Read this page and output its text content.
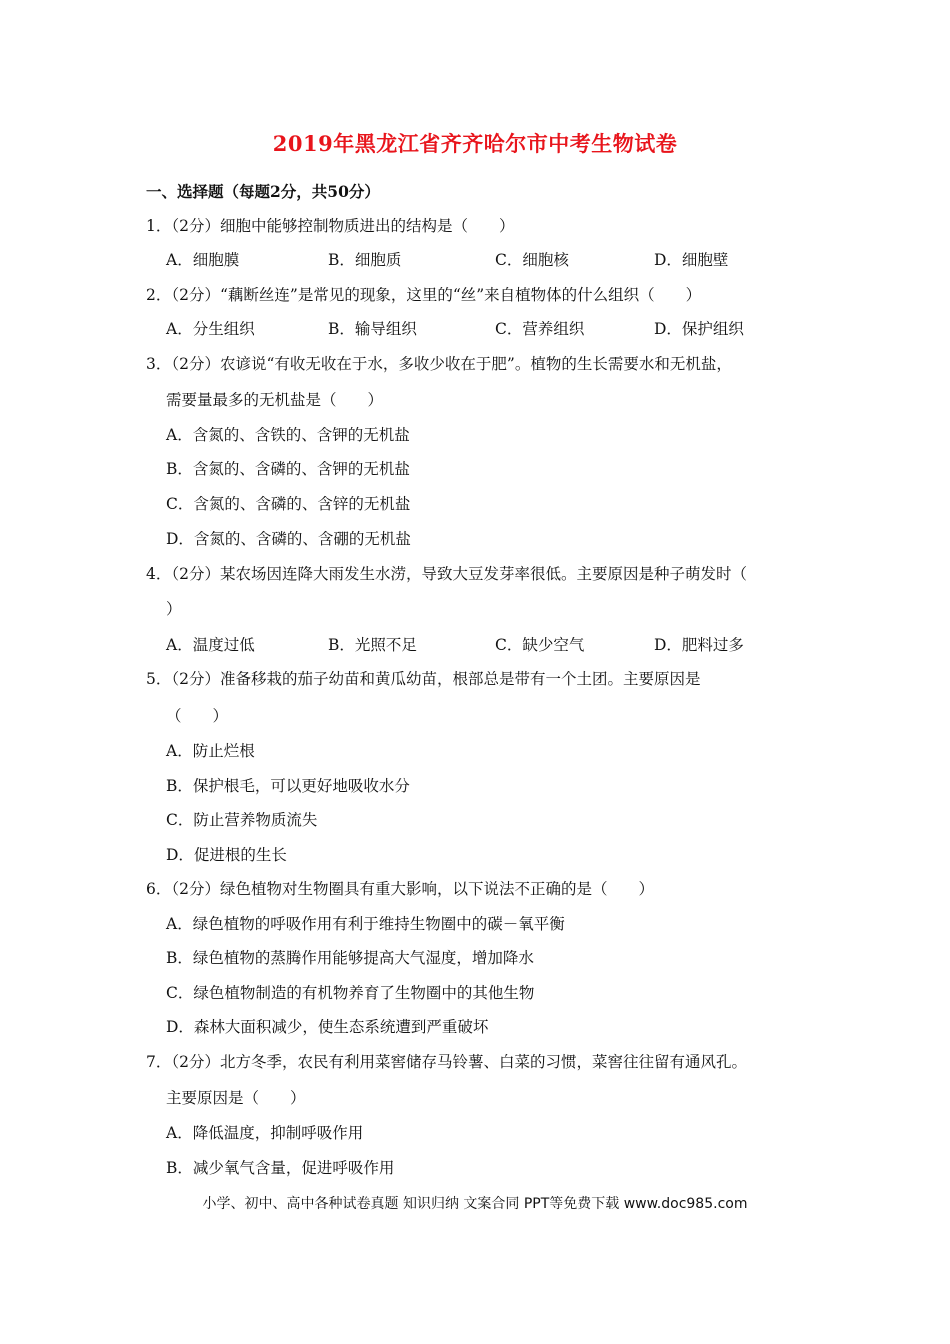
2019年黑龙江省齐齐哈尔市中考生物试卷
一、选择题（每题2分，共50分）
1．（2分）细胞中能够控制物质进出的结构是（　　）
A．细胞膜	B．细胞质	C．细胞核	D．细胞壁
2．（2分）“藕断丝连”是常见的现象，这里的“丝”来自植物体的什么组织（　　）
A．分生组织	B．输导组织	C．营养组织	D．保护组织
3．（2分）农谚说“有收无收在于水，多收少收在于肥”。植物的生长需要水和无机盐，
需要量最多的无机盐是（　　）
A．含氮的、含铁的、含钾的无机盐
B．含氮的、含磷的、含钾的无机盐
C．含氮的、含磷的、含锌的无机盐
D．含氮的、含磷的、含硼的无机盐
4．（2分）某农场因连降大雨发生水涝，导致大豆发芽率很低。主要原因是种子萌发时（
）
A．温度过低	B．光照不足	C．缺少空气	D．肥料过多
5．（2分）准备移栽的茄子幼苗和黄瓜幼苗，根部总是带有一个土团。主要原因是
（　　）
A．防止烂根
B．保护根毛，可以更好地吸收水分
C．防止营养物质流失
D．促进根的生长
6．（2分）绿色植物对生物圈具有重大影响，以下说法不正确的是（　　）
A．绿色植物的呼吸作用有利于维持生物圈中的碳－氧平衡
B．绿色植物的蒸腾作用能够提高大气湿度，增加降水
C．绿色植物制造的有机物养育了生物圈中的其他生物
D．森林大面积减少，使生态系统遭到严重破坏
7．（2分）北方冬季，农民有利用菜窖储存马铃薯、白菜的习惯，菜窖往往留有通风孔。
主要原因是（　　）
A．降低温度，抑制呼吸作用
B．减少氧气含量，促进呼吸作用
小学、初中、高中各种试卷真题 知识归纳 文案合同 PPT等免费下载 www.doc985.com
